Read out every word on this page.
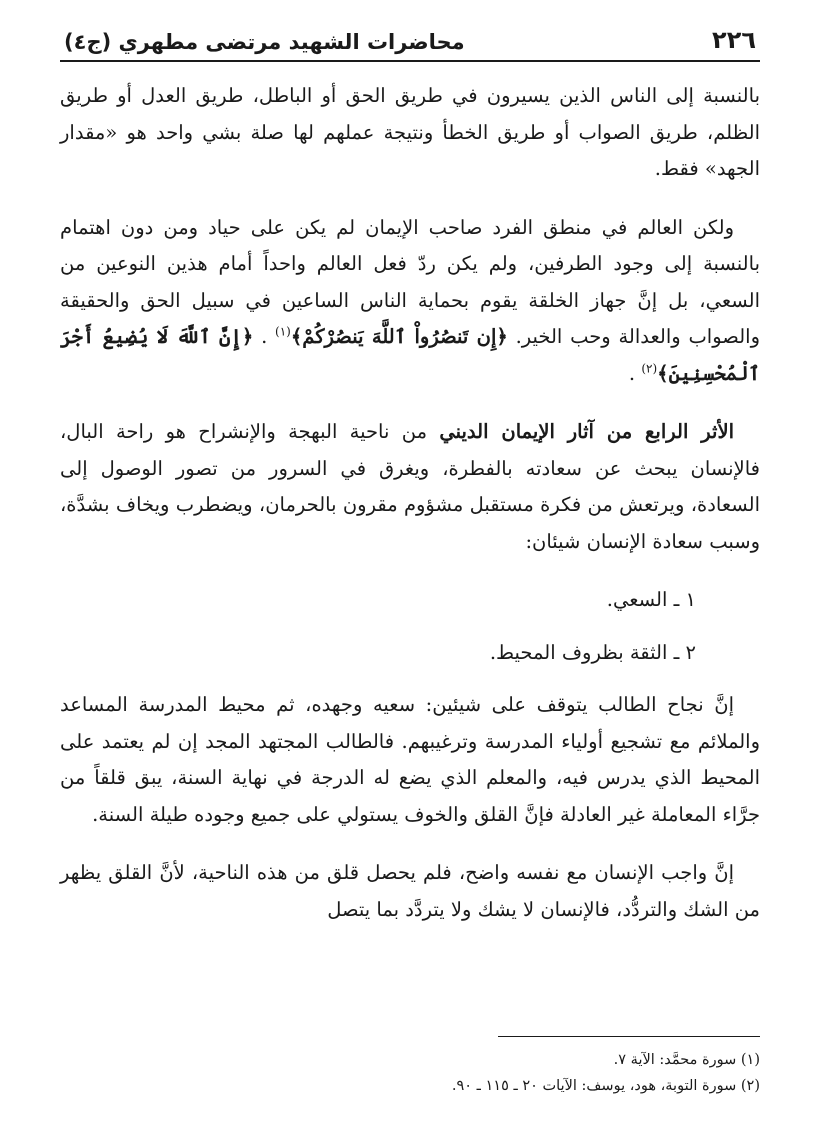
٢٢٦
محاضرات الشهيد مرتضى مطهري (ج٤)

بالنسبة إلى الناس الذين يسيرون في طريق الحق أو الباطل، طريق العدل أو طريق الظلم، طريق الصواب أو طريق الخطأ ونتيجة عملهم لها صلة بشي واحد هو «مقدار الجهد» فقط.

ولكن العالم في منطق الفرد صاحب الإيمان لم يكن على حياد ومن دون اهتمام بالنسبة إلى وجود الطرفين، ولم يكن ردّ فعل العالم واحداً أمام هذين النوعين من السعي، بل إنَّ جهاز الخلقة يقوم بحماية الناس الساعين في سبيل الحق والحقيقة والصواب والعدالة وحب الخير. ﴿إِن تَنصُرُواْ ٱللَّهَ يَنصُرْكُمْ﴾$^{(١)}$ . ﴿إِنَّ ٱللَّهَ لَا يُضِيعُ أَجْرَ ٱلْمُحْسِنِينَ﴾$^{(٢)}$ .

الأثر الرابع من آثار الإيمان الديني من ناحية البهجة والإنشراح هو راحة البال، فالإنسان يبحث عن سعادته بالفطرة، ويغرق في السرور من تصور الوصول إلى السعادة، ويرتعش من فكرة مستقبل مشؤوم مقرون بالحرمان، ويضطرب ويخاف بشدَّة، وسبب سعادة الإنسان شيئان:

١ ـ السعي.

٢ ـ الثقة بظروف المحيط.

إنَّ نجاح الطالب يتوقف على شيئين: سعيه وجهده، ثم محيط المدرسة المساعد والملائم مع تشجيع أولياء المدرسة وترغيبهم. فالطالب المجتهد المجد إن لم يعتمد على المحيط الذي يدرس فيه، والمعلم الذي يضع له الدرجة في نهاية السنة، يبق قلقاً من جرَّاء المعاملة غير العادلة فإنَّ القلق والخوف يستولي على جميع وجوده طيلة السنة.

إنَّ واجب الإنسان مع نفسه واضح، فلم يحصل قلق من هذه الناحية، لأنَّ القلق يظهر من الشك والتردُّد، فالإنسان لا يشك ولا يتردَّد بما يتصل

(١) سورة محمَّد: الآية ٧.
(٢) سورة التوبة، هود، يوسف: الآيات ٢٠ ـ ١١٥ ـ ٩٠.
